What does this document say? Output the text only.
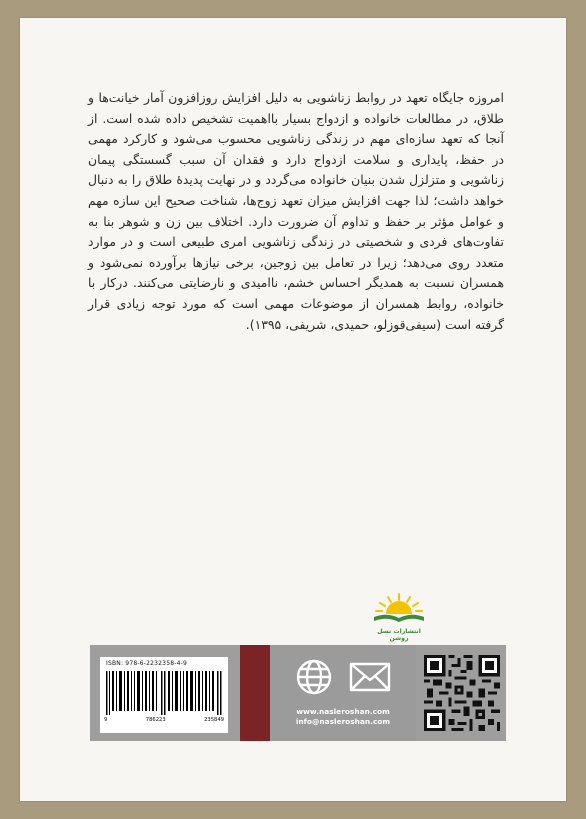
امروزه جایگاه تعهد در روابط زناشویی به دلیل افزایش روزافزون آمار خیانت‌ها و طلاق، در مطالعات خانواده و ازدواج بسیار بااهمیت تشخیص داده شده است. از آنجا که تعهد سازه‌ای مهم در زندگی زناشویی محسوب می‌شود و کارکرد مهمی در حفظ، پایداری و سلامت ازدواج دارد و فقدان آن سبب گسستگی پیمان زناشویی و متزلزل شدن بنیان خانواده می‌گردد و در نهایت پدیدهٔ طلاق را به دنبال خواهد داشت؛ لذا جهت افزایش میزان تعهد زوج‌ها، شناخت صحیح این سازه مهم و عوامل مؤثر بر حفظ و تداوم آن ضرورت دارد. اختلاف بین زن و شوهر بنا به تفاوت‌های فردی و شخصیتی در زندگی زناشویی امری طبیعی است و در موارد متعدد روی می‌دهد؛ زیرا در تعامل بین زوجین، برخی نیازها برآورده نمی‌شود و همسران نسبت به همدیگر احساس خشم، ناامیدی و نارضایتی می‌کنند. درکار با خانواده، روابط همسران از موضوعات مهمی است که مورد توجه زیادی قرار گرفته است (سیفی‌قوزلو، حمیدی، شریفی، ۱۳۹۵).

انتشارات نسل روشن
ISBN: 978-6-2232358-4-9
9	786223	235849
www.nasleroshan.com
info@nasleroshan.com
